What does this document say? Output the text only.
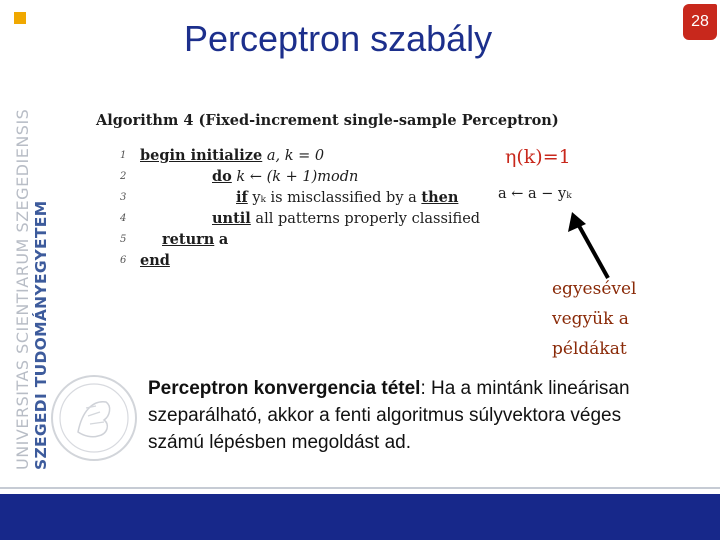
UNIVERSITAS SCIENTIARUM SZEGEDIENSIS SZEGEDI TUDOMÁNYEGYETEM
28
Perceptron szabály
Algorithm 4 (Fixed-increment single-sample Perceptron)
1 begin initialize a, k = 0
2	do k ← (k + 1)modn
3	if yₖ is misclassified by a then
4	until all patterns properly classified
5 return a
6 end
η(k)=1
a ← a − yₖ
egyesével
vegyük a
példákat
Perceptron konvergencia tétel: Ha a mintánk lineárisan szeparálható, akkor a fenti algoritmus súlyvektora véges számú lépésben megoldást ad.
